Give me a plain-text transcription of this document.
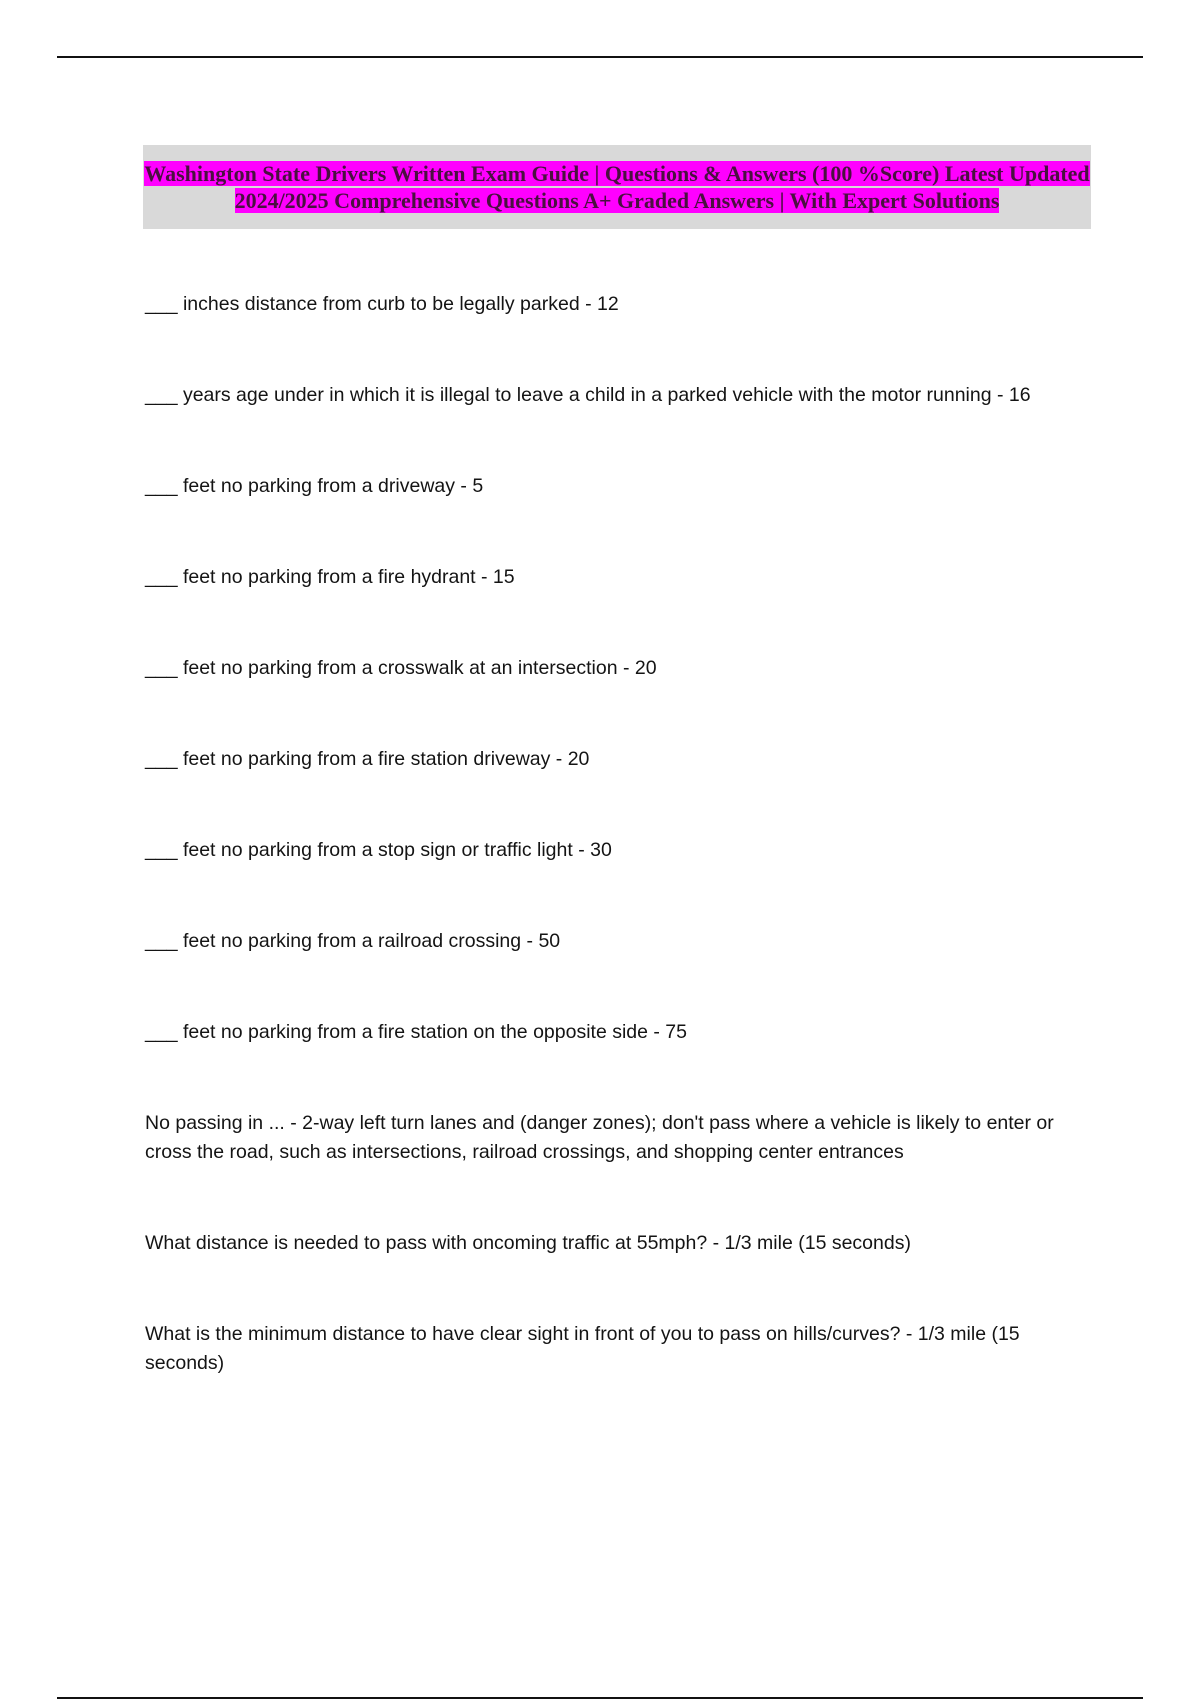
Washington State Drivers Written Exam Guide | Questions & Answers (100 %Score) Latest Updated 2024/2025 Comprehensive Questions A+ Graded Answers | With Expert Solutions

___ inches distance from curb to be legally parked - 12

___ years age under in which it is illegal to leave a child in a parked vehicle with the motor running - 16

___ feet no parking from a driveway - 5

___ feet no parking from a fire hydrant - 15

___ feet no parking from a crosswalk at an intersection - 20

___ feet no parking from a fire station driveway - 20

___ feet no parking from a stop sign or traffic light - 30

___ feet no parking from a railroad crossing - 50

___ feet no parking from a fire station on the opposite side - 75

No passing in ... - 2-way left turn lanes and (danger zones); don't pass where a vehicle is likely to enter or cross the road, such as intersections, railroad crossings, and shopping center entrances

What distance is needed to pass with oncoming traffic at 55mph? - 1/3 mile (15 seconds)

What is the minimum distance to have clear sight in front of you to pass on hills/curves? - 1/3 mile (15 seconds)
